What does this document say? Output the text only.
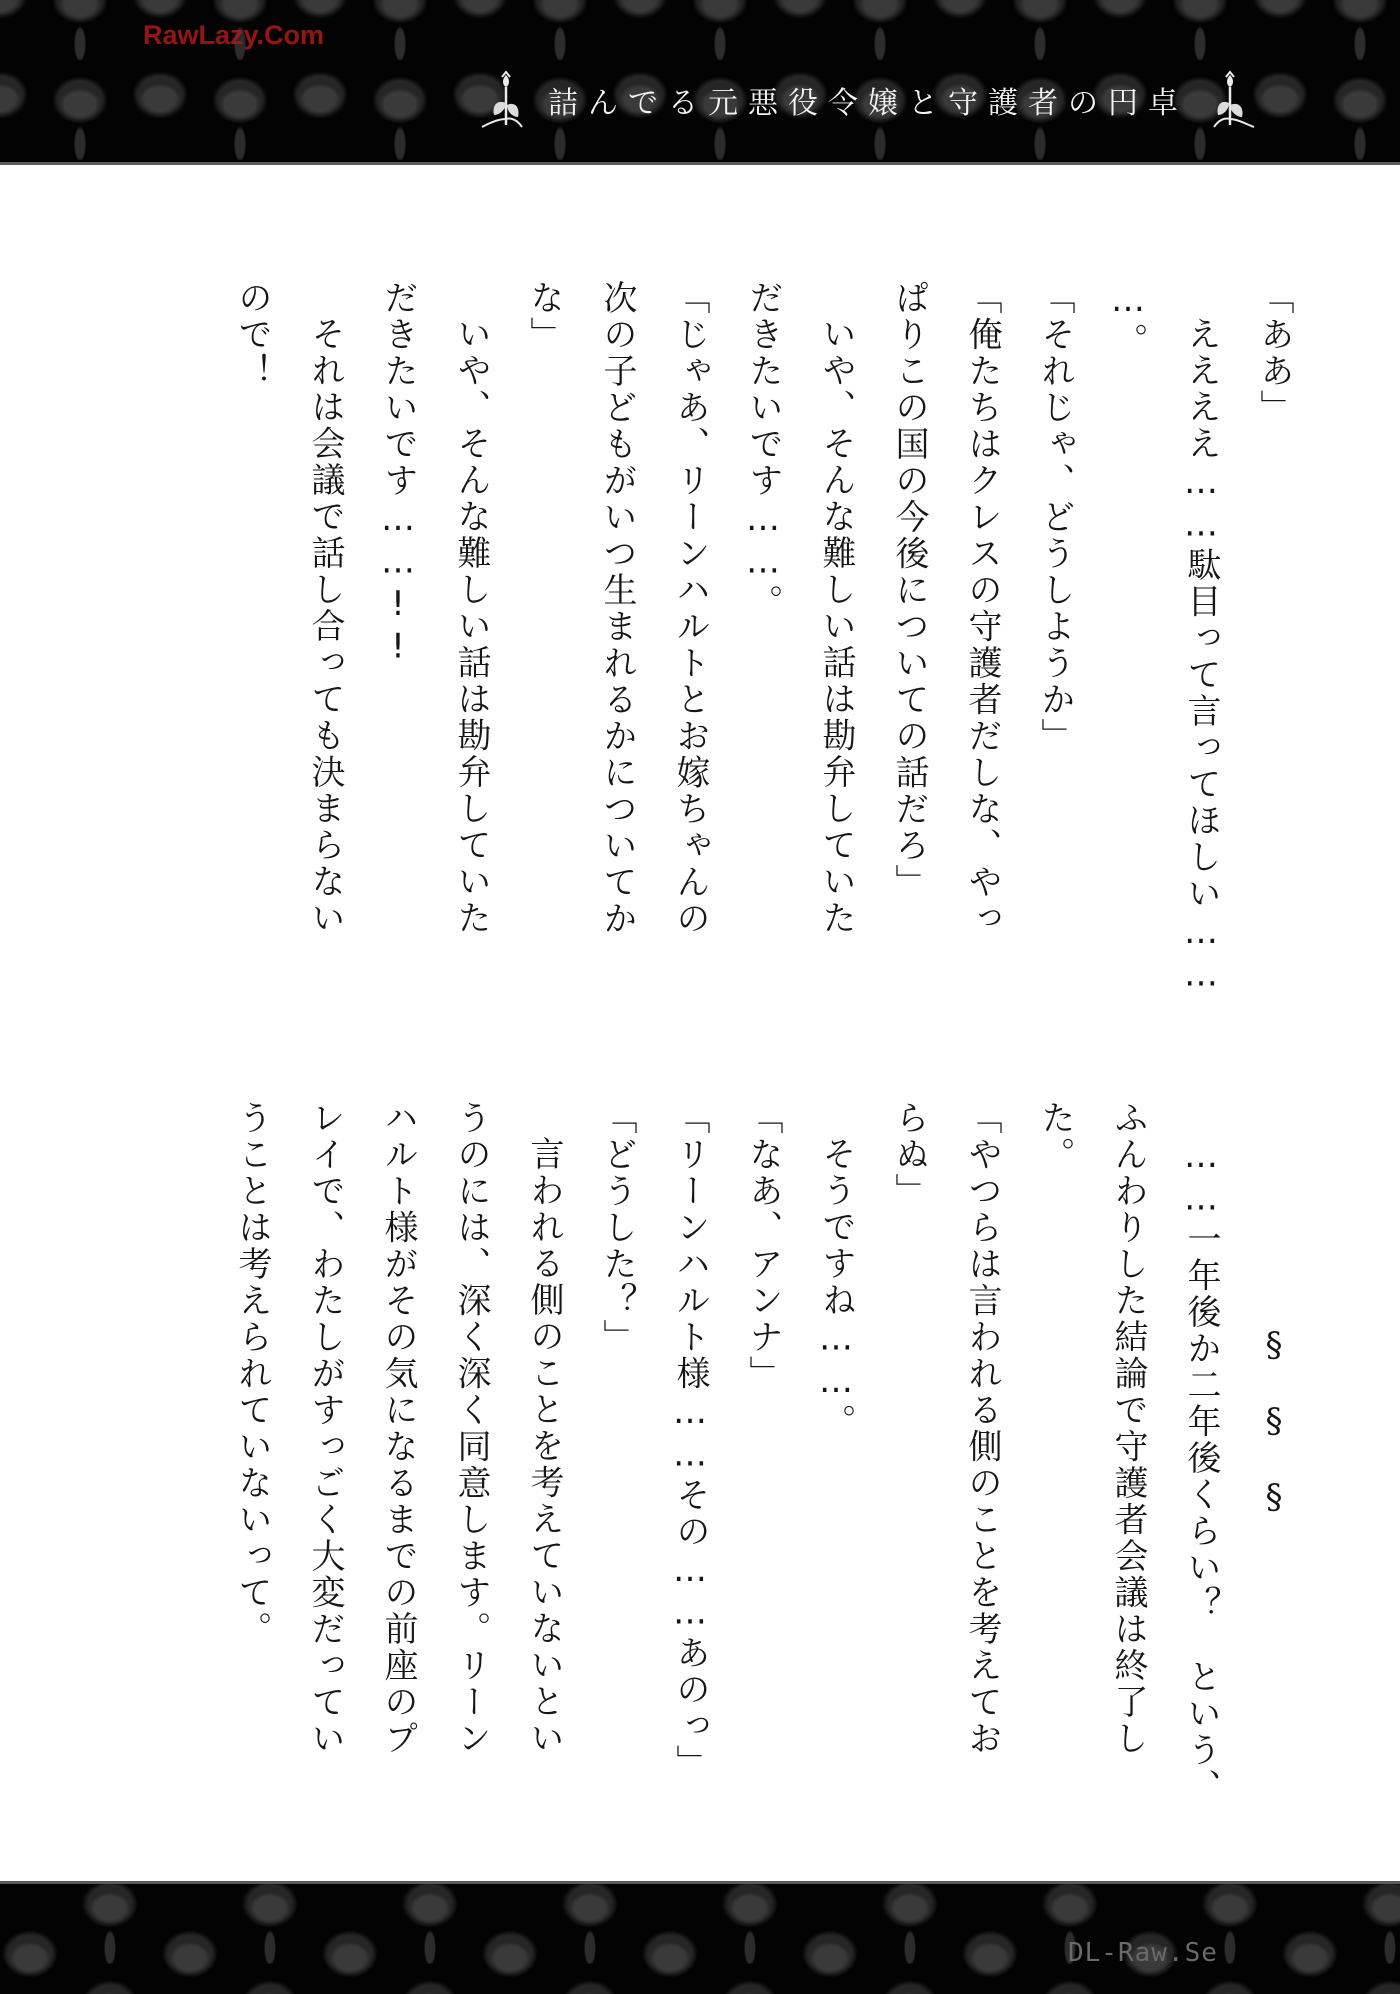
RawLazy.Com
詰んでる元悪役令嬢と守護者の円卓
「ああ」
ええええ……駄目って言ってほしい……
…。
「それじゃ、どうしようか」
「俺たちはクレスの守護者だしな、やっ
ぱりこの国の今後についての話だろ」
いや、そんな難しい話は勘弁していた
だきたいです……。
「じゃあ、リーンハルトとお嫁ちゃんの
次の子どもがいつ生まれるかについてか
な」
いや、そんな難しい話は勘弁していた
だきたいです……!!
それは会議で話し合っても決まらない
ので！
§§§
……一年後か二年後くらい？　という、
ふんわりした結論で守護者会議は終了し
た。
「やつらは言われる側のことを考えてお
らぬ」
そうですね……。
「なあ、アンナ」
「リーンハルト様……その……あのっ」
「どうした？」
言われる側のことを考えていないとい
うのには、深く深く同意します。リーン
ハルト様がその気になるまでの前座のプ
レイで、わたしがすっごく大変だってい
うことは考えられていないって。
DL-Raw.Se
